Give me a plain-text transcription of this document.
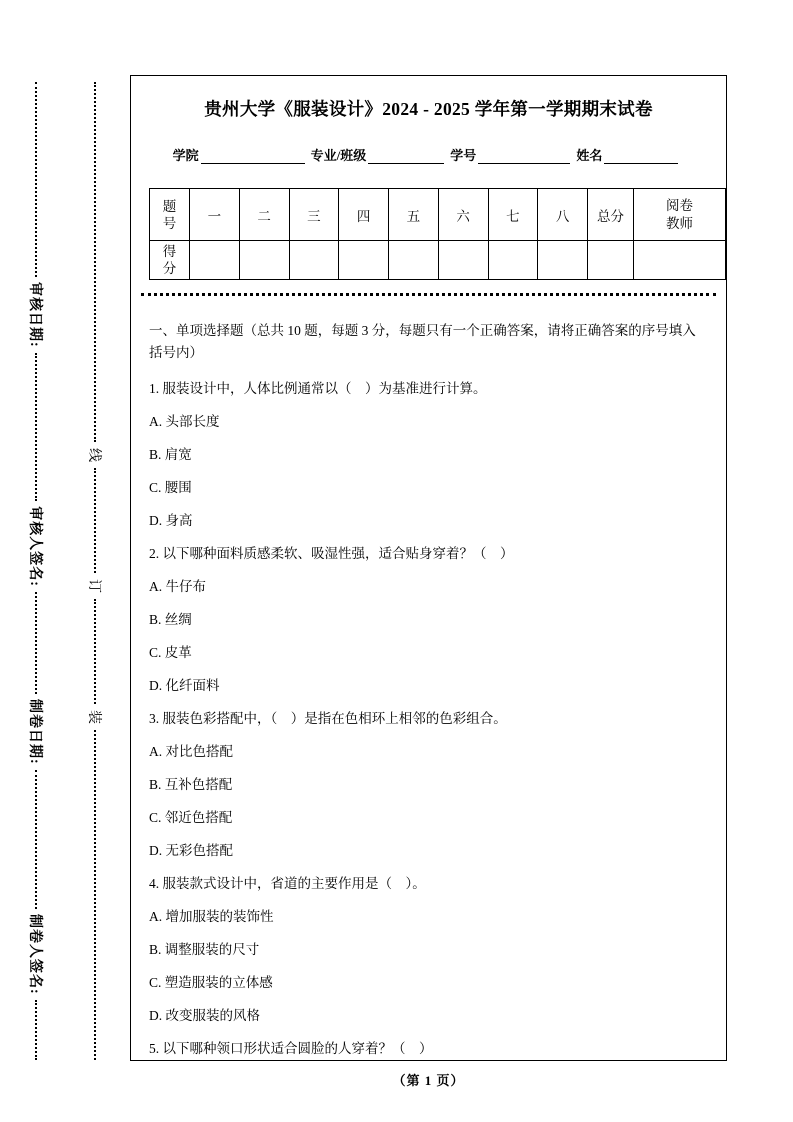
审核日期:
审核人签名:
制卷日期:
制卷人签名:
线
订
装
贵州大学《服装设计》2024 - 2025 学年第一学期期末试卷
学院	专业/班级	学号	姓名
题号	一	二	三	四	五	六	七	八	总分	阅卷教师
得分										

一、单项选择题（总共 10 题，每题 3 分，每题只有一个正确答案，请将正确答案的序号填入括号内）

1. 服装设计中，人体比例通常以（　）为基准进行计算。

A. 头部长度

B. 肩宽

C. 腰围

D. 身高

2. 以下哪种面料质感柔软、吸湿性强，适合贴身穿着？（　）

A. 牛仔布

B. 丝绸

C. 皮革

D. 化纤面料

3. 服装色彩搭配中，（　）是指在色相环上相邻的色彩组合。

A. 对比色搭配

B. 互补色搭配

C. 邻近色搭配

D. 无彩色搭配

4. 服装款式设计中，省道的主要作用是（　）。

A. 增加服装的装饰性

B. 调整服装的尺寸

C. 塑造服装的立体感

D. 改变服装的风格

5. 以下哪种领口形状适合圆脸的人穿着？（　）

（第 1 页）
